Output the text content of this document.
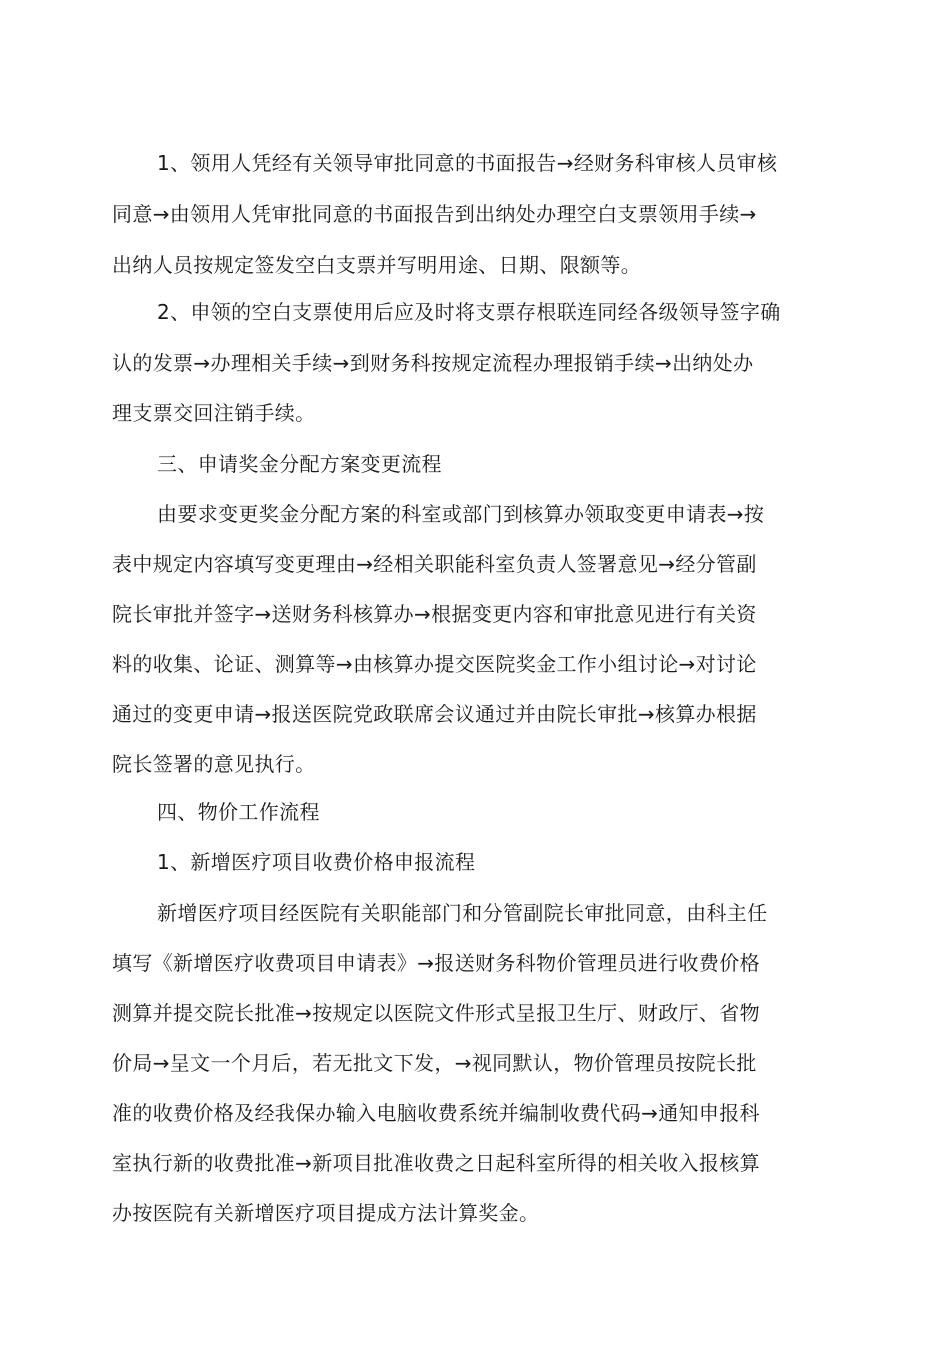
1、领用人凭经有关领导审批同意的书面报告→经财务科审核人员审核
同意→由领用人凭审批同意的书面报告到出纳处办理空白支票领用手续→
出纳人员按规定签发空白支票并写明用途、日期、限额等。
2、申领的空白支票使用后应及时将支票存根联连同经各级领导签字确
认的发票→办理相关手续→到财务科按规定流程办理报销手续→出纳处办
理支票交回注销手续。
三、申请奖金分配方案变更流程
由要求变更奖金分配方案的科室或部门到核算办领取变更申请表→按
表中规定内容填写变更理由→经相关职能科室负责人签署意见→经分管副
院长审批并签字→送财务科核算办→根据变更内容和审批意见进行有关资
料的收集、论证、测算等→由核算办提交医院奖金工作小组讨论→对讨论
通过的变更申请→报送医院党政联席会议通过并由院长审批→核算办根据
院长签署的意见执行。
四、物价工作流程
1、新增医疗项目收费价格申报流程
新增医疗项目经医院有关职能部门和分管副院长审批同意，由科主任
填写《新增医疗收费项目申请表》→报送财务科物价管理员进行收费价格
测算并提交院长批准→按规定以医院文件形式呈报卫生厅、财政厅、省物
价局→呈文一个月后，若无批文下发，→视同默认，物价管理员按院长批
准的收费价格及经我保办输入电脑收费系统并编制收费代码→通知申报科
室执行新的收费批准→新项目批准收费之日起科室所得的相关收入报核算
办按医院有关新增医疗项目提成方法计算奖金。
